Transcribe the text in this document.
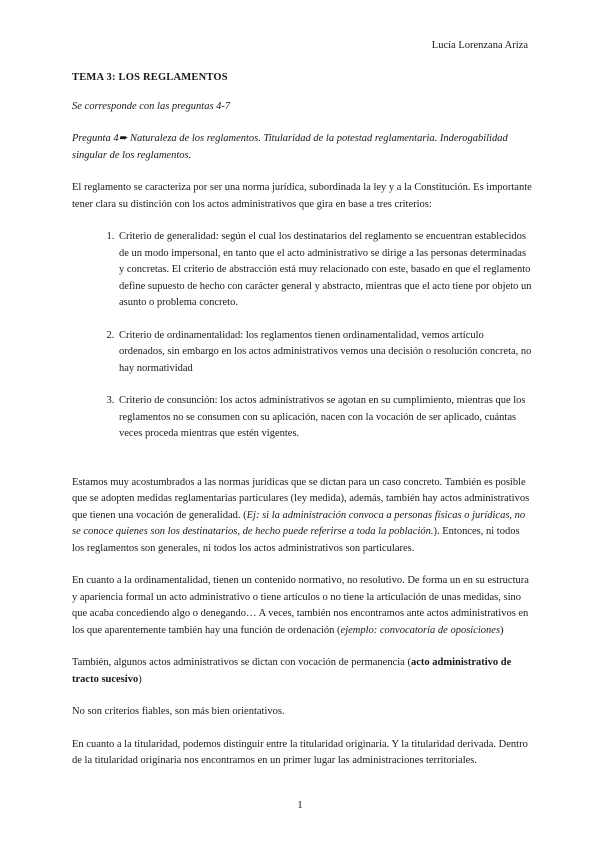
Lucía Lorenzana Ariza
TEMA 3: LOS REGLAMENTOS

Se corresponde con las preguntas 4-7

Pregunta 4➨ Naturaleza de los reglamentos. Titularidad de la potestad reglamentaria. Inderogabilidad singular de los reglamentos.

El reglamento se caracteriza por ser una norma jurídica, subordinada la ley y a la Constitución. Es importante tener clara su distinción con los actos administrativos que gira en base a tres criterios:

1. Criterio de generalidad: según el cual los destinatarios del reglamento se encuentran establecidos de un modo impersonal, en tanto que el acto administrativo se dirige a las personas determinadas y concretas. El criterio de abstracción está muy relacionado con este, basado en que el reglamento define supuesto de hecho con carácter general y abstracto, mientras que el acto tiene por objeto un asunto o problema concreto.
2. Criterio de ordinamentalidad: los reglamentos tienen ordinamentalidad, vemos artículo ordenados, sin embargo en los actos administrativos vemos una decisión o resolución concreta, no hay normatividad
3. Criterio de consunción: los actos administrativos se agotan en su cumplimiento, mientras que los reglamentos no se consumen con su aplicación, nacen con la vocación de ser aplicado, cuántas veces proceda mientras que estén vigentes.

Estamos muy acostumbrados a las normas jurídicas que se dictan para un caso concreto. También es posible que se adopten medidas reglamentarias particulares (ley medida), además, también hay actos administrativos que tienen una vocación de generalidad. (Ej: si la administración convoca a personas físicas o jurídicas, no se conoce quienes son los destinatarios, de hecho puede referirse a toda la población.). Entonces, ni todos los reglamentos son generales, ni todos los actos administrativos son particulares.

En cuanto a la ordinamentalidad, tienen un contenido normativo, no resolutivo. De forma un en su estructura y apariencia formal un acto administrativo o tiene artículos o no tiene la articulación de unas medidas, sino que acaba concediendo algo o denegando… A veces, también nos encontramos ante actos administrativos en los que aparentemente también hay una función de ordenación (ejemplo: convocatoria de oposiciones)

También, algunos actos administrativos se dictan con vocación de permanencia (acto administrativo de tracto sucesivo)

No son criterios fiables, son más bien orientativos.

En cuanto a la titularidad, podemos distinguir entre la titularidad originaria. Y la titularidad derivada. Dentro de la titularidad originaria nos encontramos en un primer lugar las administraciones territoriales.

1
